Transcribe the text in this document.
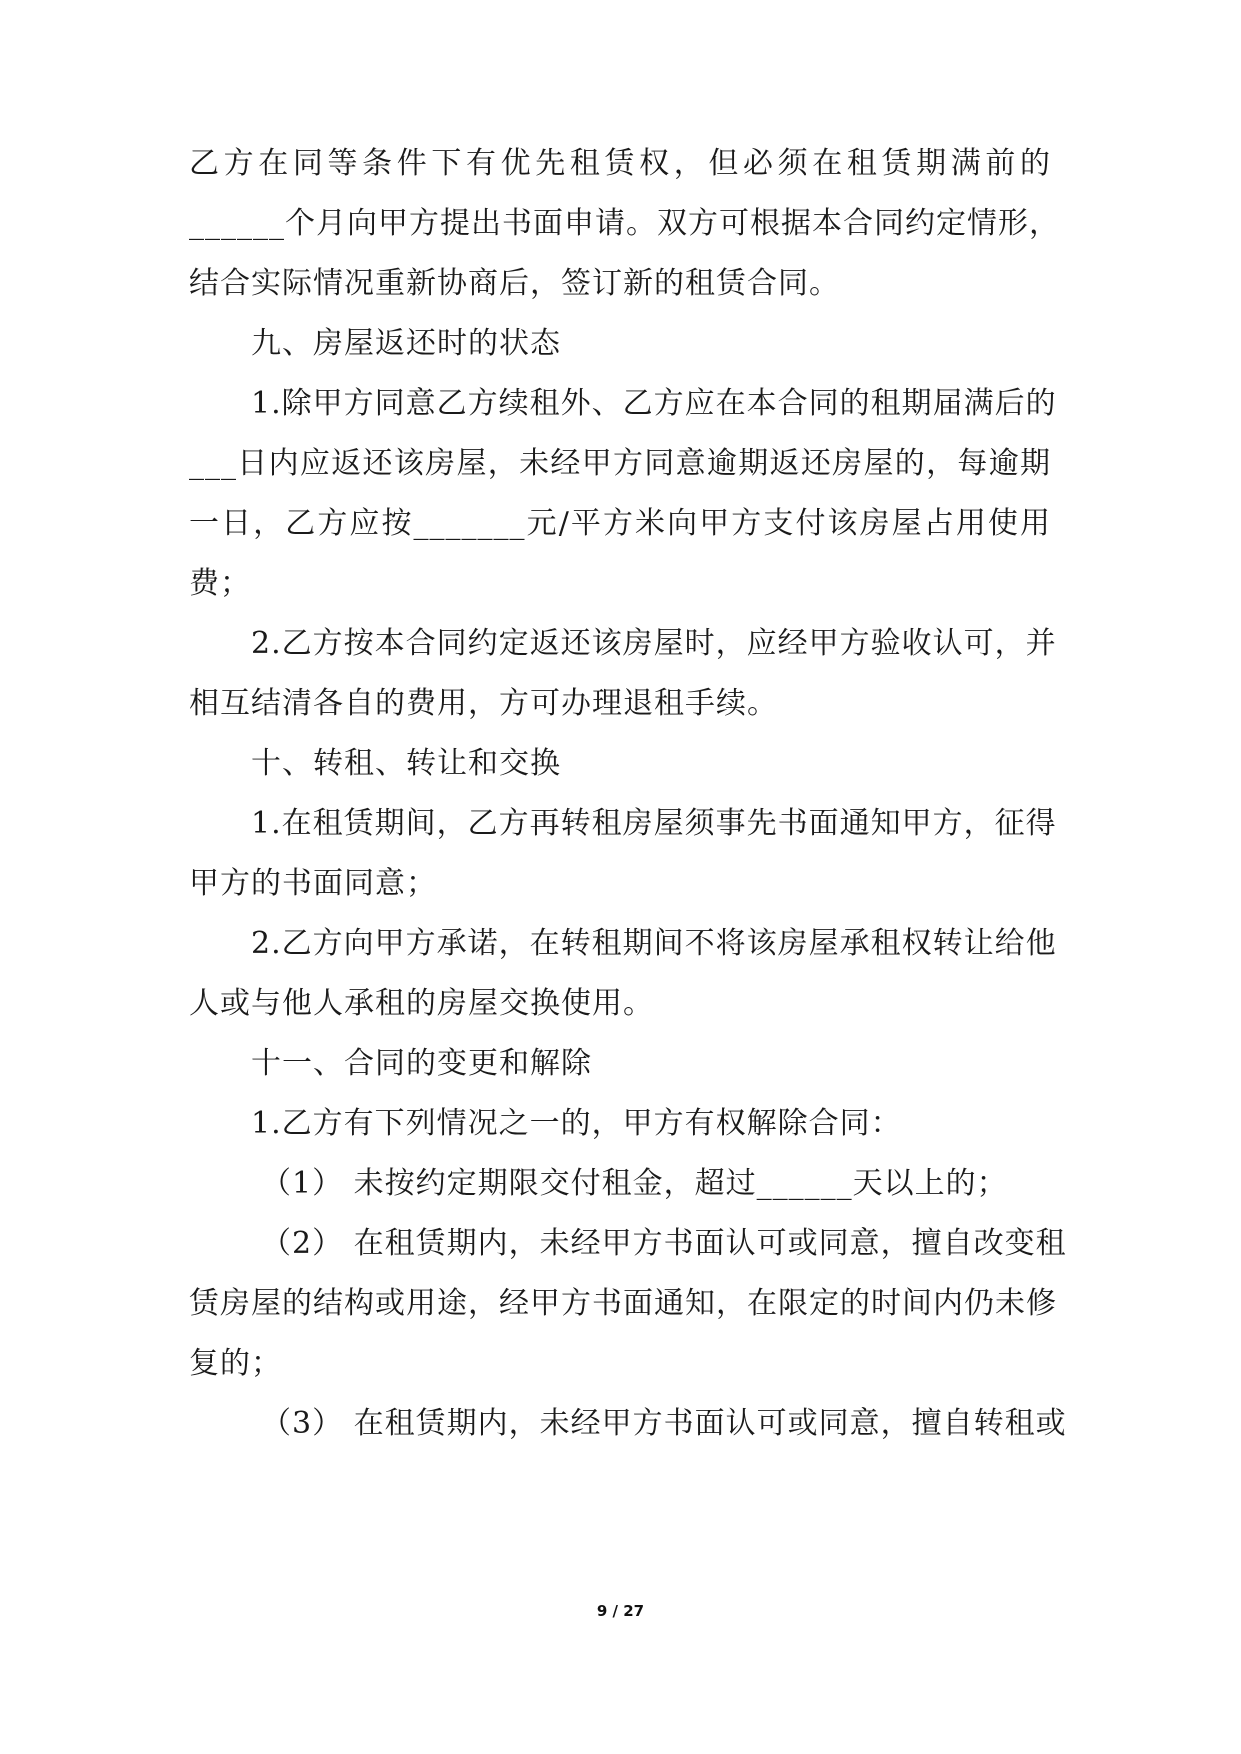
乙方在同等条件下有优先租赁权，但必须在租赁期满前的
______个月向甲方提出书面申请。双方可根据本合同约定情形，
结合实际情况重新协商后，签订新的租赁合同。
九、房屋返还时的状态
1.除甲方同意乙方续租外、乙方应在本合同的租期届满后的
___日内应返还该房屋，未经甲方同意逾期返还房屋的，每逾期
一日，乙方应按_______元/平方米向甲方支付该房屋占用使用
费；
2.乙方按本合同约定返还该房屋时，应经甲方验收认可，并
相互结清各自的费用，方可办理退租手续。
十、转租、转让和交换
1.在租赁期间，乙方再转租房屋须事先书面通知甲方，征得
甲方的书面同意；
2.乙方向甲方承诺，在转租期间不将该房屋承租权转让给他
人或与他人承租的房屋交换使用。
十一、合同的变更和解除
1.乙方有下列情况之一的，甲方有权解除合同：
（1） 未按约定期限交付租金，超过______天以上的；
（2） 在租赁期内，未经甲方书面认可或同意，擅自改变租
赁房屋的结构或用途，经甲方书面通知，在限定的时间内仍未修
复的；
（3） 在租赁期内，未经甲方书面认可或同意，擅自转租或
9 / 27
